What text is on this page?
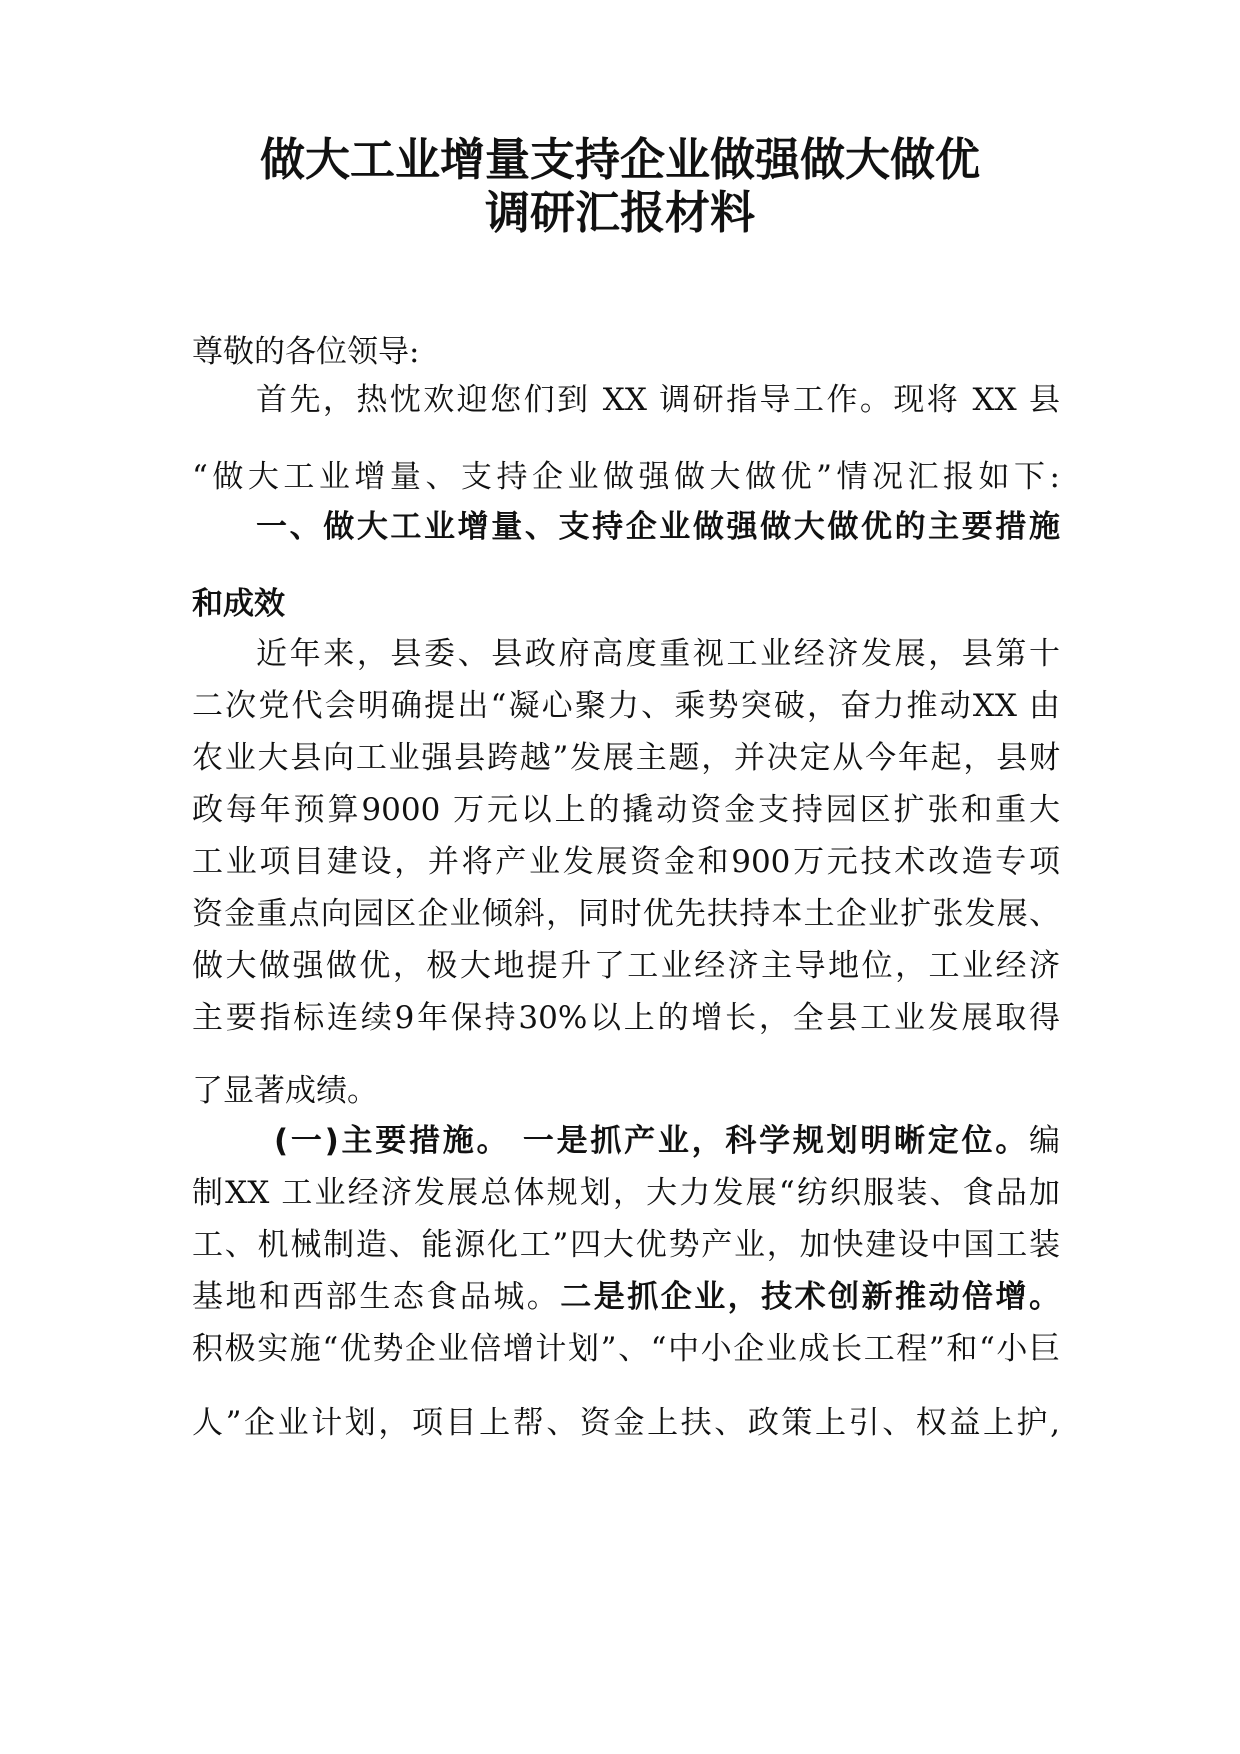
做大工业增量支持企业做强做大做优
调研汇报材料
尊敬的各位领导:
首先，热忱欢迎您们到 XX 调研指导工作。现将 XX 县
“做大工业增量、支持企业做强做大做优”情况汇报如下:
一、做大工业增量、支持企业做强做大做优的主要措施
和成效
近年来，县委、县政府高度重视工业经济发展，县第十
二次党代会明确提出“凝心聚力、乘势突破，奋力推动XX 由
农业大县向工业强县跨越”发展主题，并决定从今年起，县财
政每年预算9000 万元以上的撬动资金支持园区扩张和重大
工业项目建设，并将产业发展资金和900万元技术改造专项
资金重点向园区企业倾斜，同时优先扶持本土企业扩张发展、
做大做强做优，极大地提升了工业经济主导地位，工业经济
主要指标连续9年保持30%以上的增长，全县工业发展取得
了显著成绩。
(一)主要措施。 一是抓产业，科学规划明晰定位。编
制XX 工业经济发展总体规划，大力发展“纺织服装、食品加
工、机械制造、能源化工”四大优势产业，加快建设中国工装
基地和西部生态食品城。二是抓企业，技术创新推动倍增。
积极实施“优势企业倍增计划”、“中小企业成长工程”和“小巨
人”企业计划，项目上帮、资金上扶、政策上引、权益上护,
